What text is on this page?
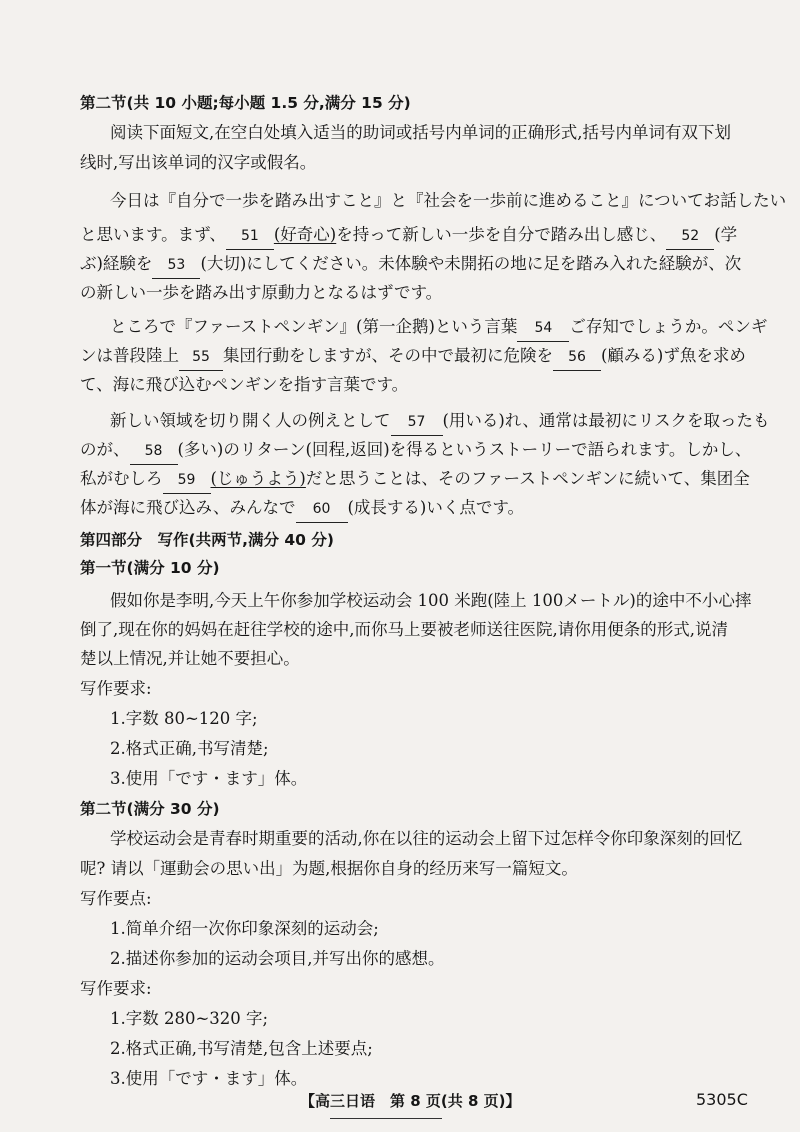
第二节(共 10 小题;每小题 1.5 分,满分 15 分)
阅读下面短文,在空白处填入适当的助词或括号内单词的正确形式,括号内单词有双下划
线时,写出该单词的汉字或假名。
今日は『自分で一歩を踏み出すこと』と『社会を一歩前に進めること』についてお話したい
と思います。まず、 51 (好奇心)を持って新しい一歩を自分で踏み出し感じ、 52 (学
ぶ)経験を 53 (大切)にしてください。未体験や未開拓の地に足を踏み入れた経験が、次
の新しい一歩を踏み出す原動力となるはずです。
ところで『ファーストペンギン』(第一企鹅)という言葉 54 ご存知でしょうか。ペンギ
ンは普段陸上 55 集団行動をしますが、その中で最初に危険を 56 (顧みる)ず魚を求め
て、海に飛び込むペンギンを指す言葉です。
新しい領域を切り開く人の例えとして 57 (用いる)れ、通常は最初にリスクを取ったも
のが、 58 (多い)のリターン(回程,返回)を得るというストーリーで語られます。しかし、
私がむしろ 59 (じゅうよう)だと思うことは、そのファーストペンギンに続いて、集团全
体が海に飛び込み、みんなで 60 (成長する)いく点です。
第四部分　写作(共两节,满分 40 分)
第一节(满分 10 分)
假如你是李明,今天上午你参加学校运动会 100 米跑(陸上 100メートル)的途中不小心摔
倒了,现在你的妈妈在赶往学校的途中,而你马上要被老师送往医院,请你用便条的形式,说清
楚以上情况,并让她不要担心。
写作要求:
1.字数 80~120 字;
2.格式正确,书写清楚;
3.使用「です・ます」体。
第二节(满分 30 分)
学校运动会是青春时期重要的活动,你在以往的运动会上留下过怎样令你印象深刻的回忆
呢? 请以「運動会の思い出」为题,根据你自身的经历来写一篇短文。
写作要点:
1.简单介绍一次你印象深刻的运动会;
2.描述你参加的运动会项目,并写出你的感想。
写作要求:
1.字数 280~320 字;
2.格式正确,书写清楚,包含上述要点;
3.使用「です・ます」体。
【高三日语　第 8 页(共 8 页)】	5305C
